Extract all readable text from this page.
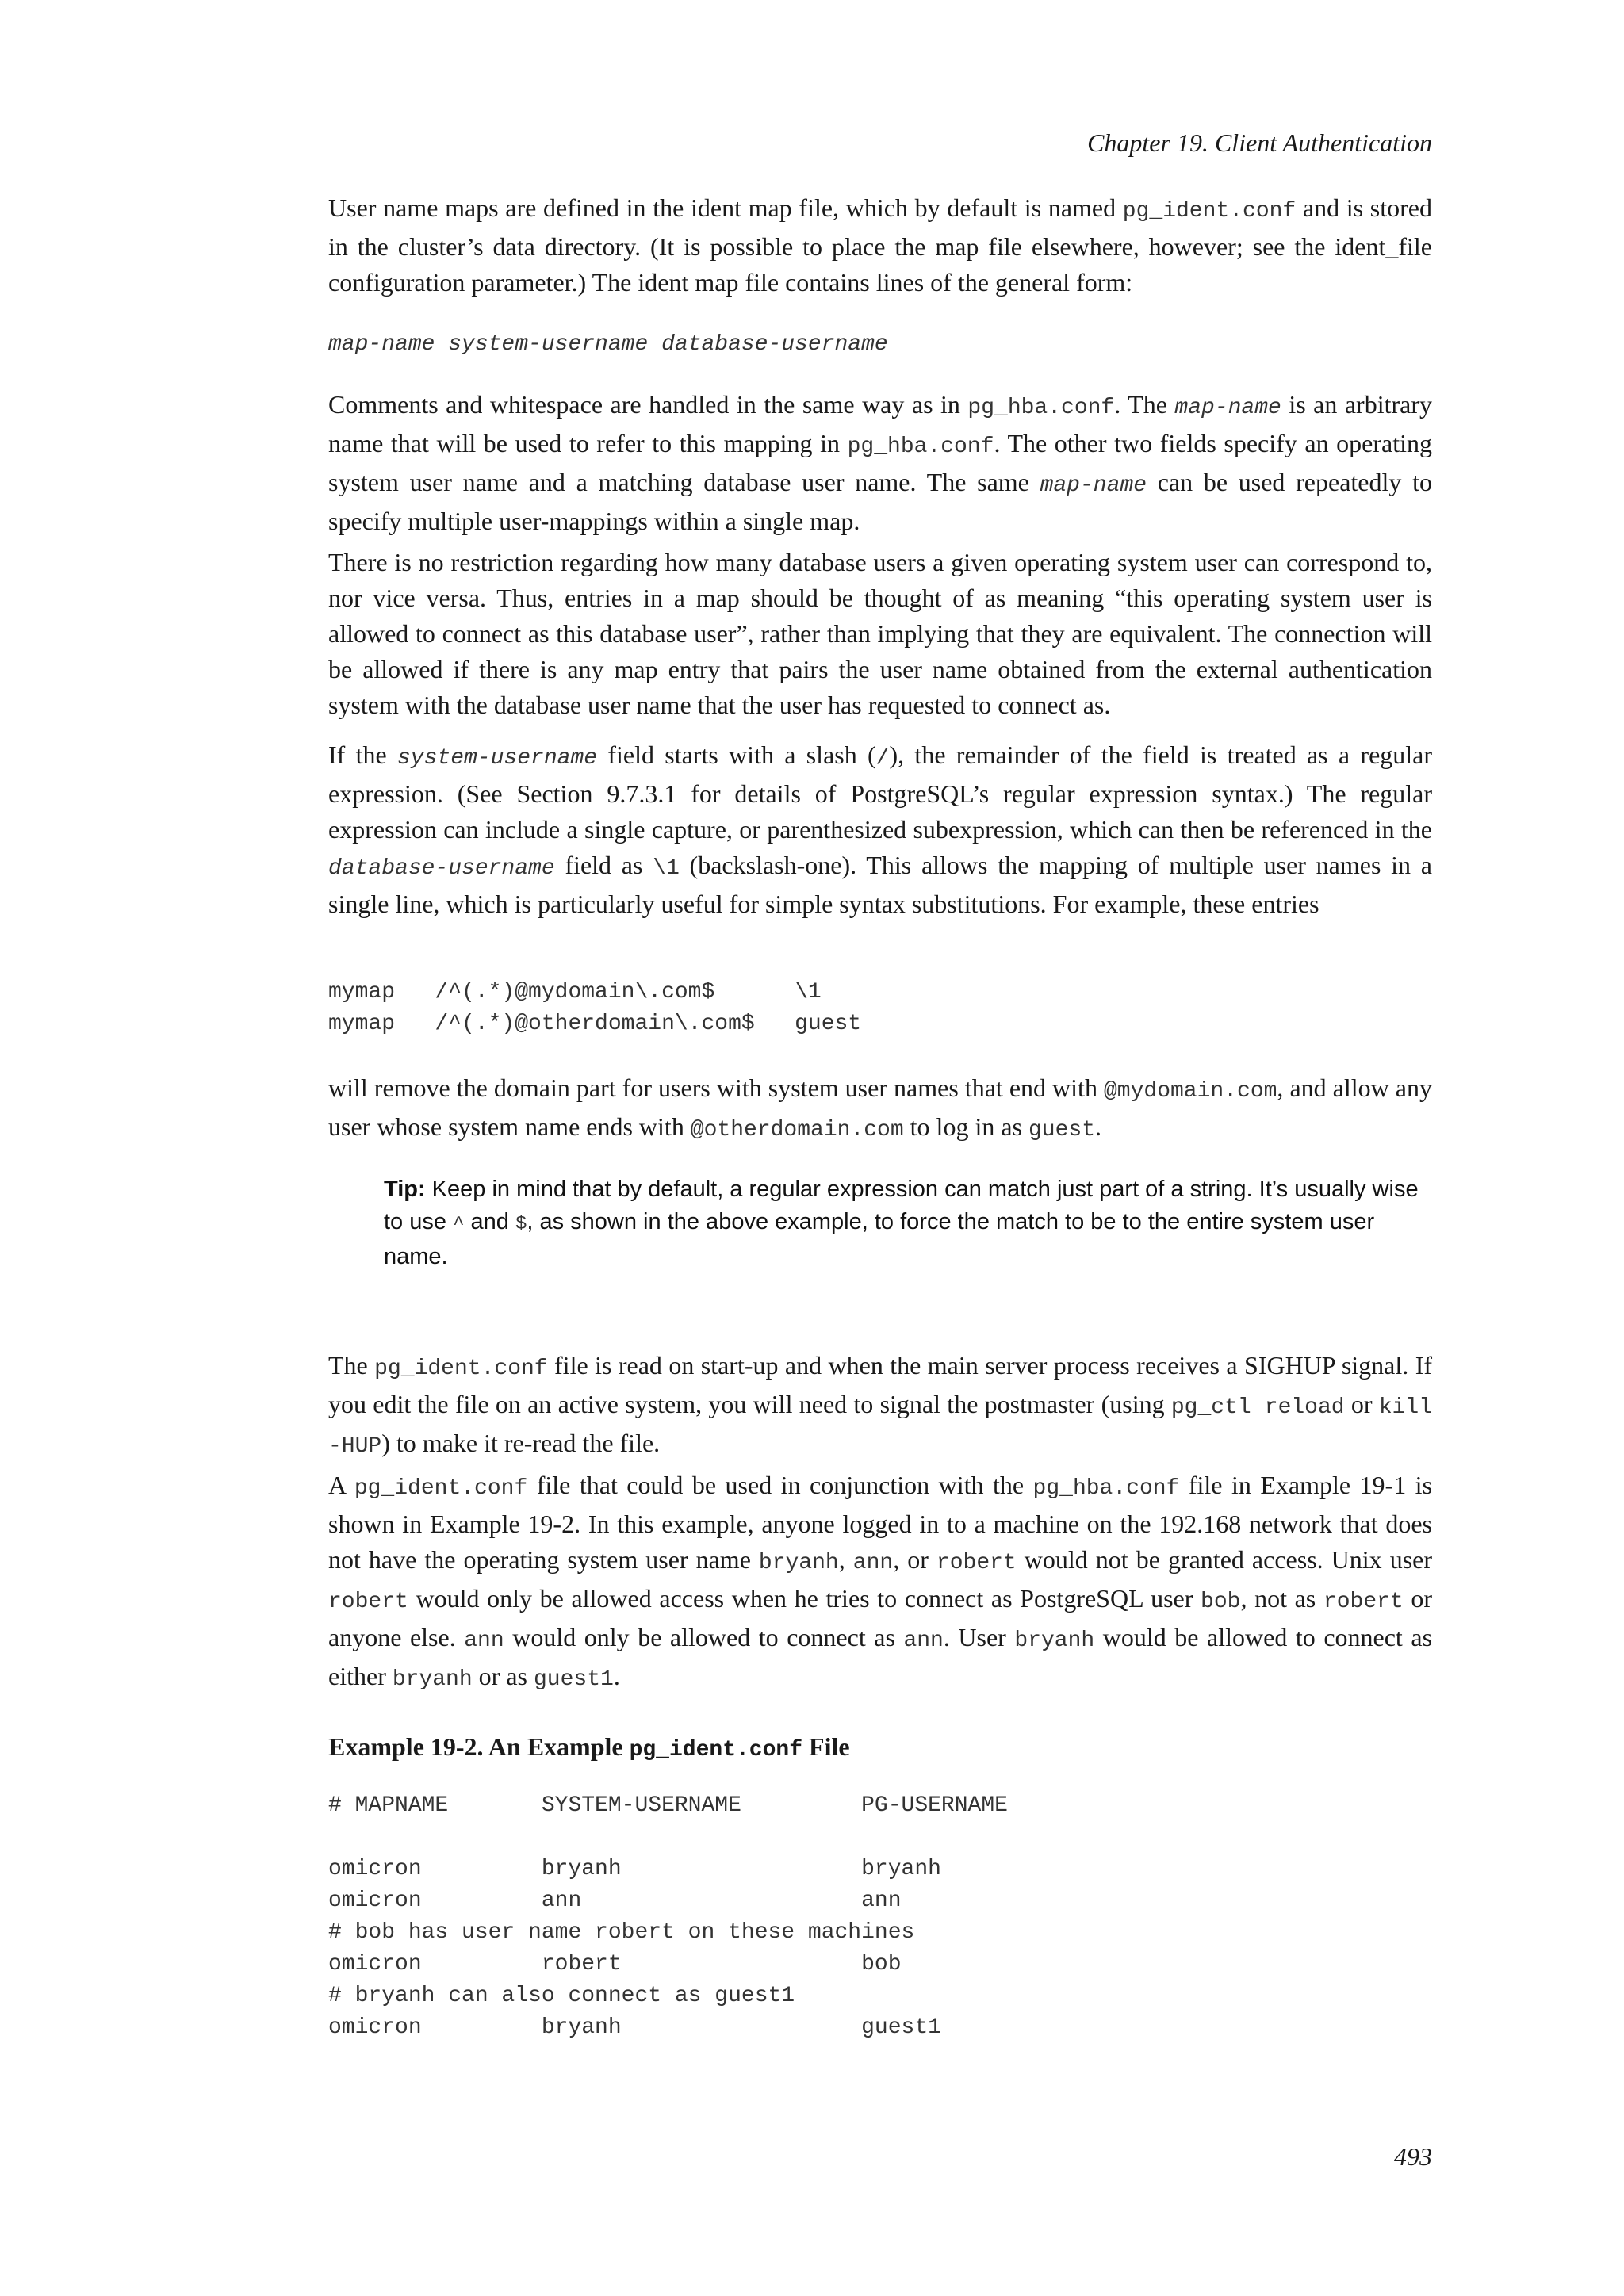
Chapter 19. Client Authentication

User name maps are defined in the ident map file, which by default is named pg_ident.conf and is stored in the cluster’s data directory. (It is possible to place the map file elsewhere, however; see the ident_file configuration parameter.) The ident map file contains lines of the general form:

map-name system-username database-username

Comments and whitespace are handled in the same way as in pg_hba.conf. The map-name is an arbitrary name that will be used to refer to this mapping in pg_hba.conf. The other two fields specify an operating system user name and a matching database user name. The same map-name can be used repeatedly to specify multiple user-mappings within a single map.

There is no restriction regarding how many database users a given operating system user can correspond to, nor vice versa. Thus, entries in a map should be thought of as meaning “this operating system user is allowed to connect as this database user”, rather than implying that they are equivalent. The connection will be allowed if there is any map entry that pairs the user name obtained from the external authentication system with the database user name that the user has requested to connect as.

If the system-username field starts with a slash (/), the remainder of the field is treated as a regular expression. (See Section 9.7.3.1 for details of PostgreSQL’s regular expression syntax.) The regular expression can include a single capture, or parenthesized subexpression, which can then be referenced in the database-username field as \1 (backslash-one). This allows the mapping of multiple user names in a single line, which is particularly useful for simple syntax substitutions. For example, these entries

mymap   /^(.*)@mydomain\.com$      \1
mymap   /^(.*)@otherdomain\.com$   guest

will remove the domain part for users with system user names that end with @mydomain.com, and allow any user whose system name ends with @otherdomain.com to log in as guest.

Tip: Keep in mind that by default, a regular expression can match just part of a string. It’s usually wise to use ^ and $, as shown in the above example, to force the match to be to the entire system user name.

The pg_ident.conf file is read on start-up and when the main server process receives a SIGHUP signal. If you edit the file on an active system, you will need to signal the postmaster (using pg_ctl reload or kill -HUP) to make it re-read the file.

A pg_ident.conf file that could be used in conjunction with the pg_hba.conf file in Example 19-1 is shown in Example 19-2. In this example, anyone logged in to a machine on the 192.168 network that does not have the operating system user name bryanh, ann, or robert would not be granted access. Unix user robert would only be allowed access when he tries to connect as PostgreSQL user bob, not as robert or anyone else. ann would only be allowed to connect as ann. User bryanh would be allowed to connect as either bryanh or as guest1.

Example 19-2. An Example pg_ident.conf File
# MAPNAME       SYSTEM-USERNAME         PG-USERNAME

omicron         bryanh                  bryanh
omicron         ann                     ann
# bob has user name robert on these machines
omicron         robert                  bob
# bryanh can also connect as guest1
omicron         bryanh                  guest1
493
